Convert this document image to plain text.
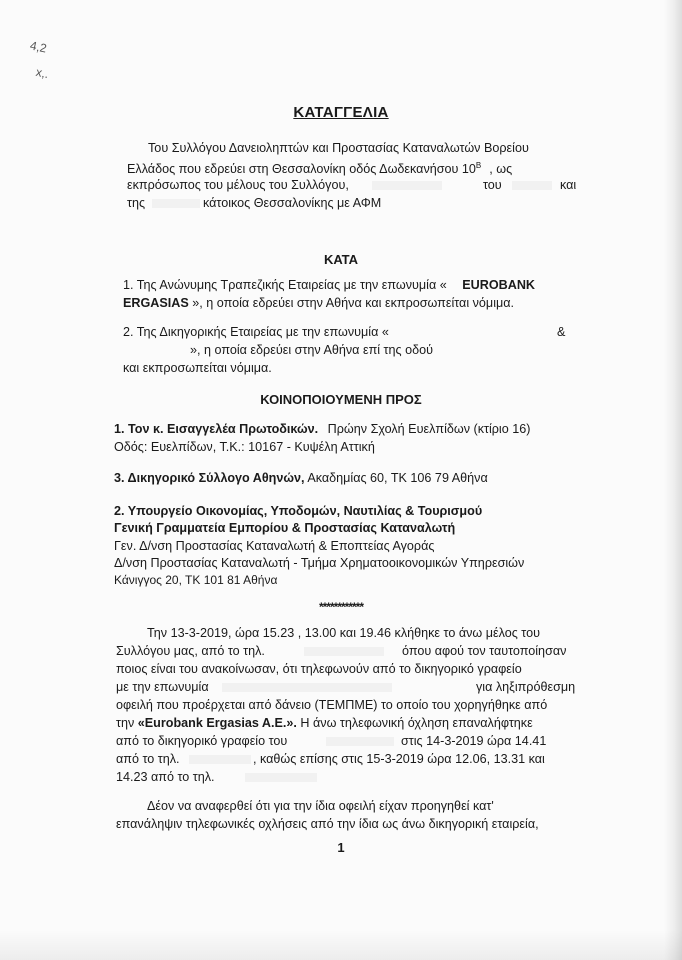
4,2
x,.
ΚΑΤΑΓΓΕΛΙΑ
Του Συλλόγου Δανειοληπτών και Προστασίας Καταναλωτών Βορείου
Ελλάδος που εδρεύει στη Θεσσαλονίκη οδός Δωδεκανήσου $10^B$ , ως
εκπρόσωπος του μέλους του Συλλόγου,	του	και
της	κάτοικος Θεσσαλονίκης με ΑΦΜ
ΚΑΤΑ
1. Της Ανώνυμης Τραπεζικής Εταιρείας με την επωνυμία « EUROBANK
ERGASIAS », η οποία εδρεύει στην Αθήνα και εκπροσωπείται νόμιμα.
2. Της Δικηγορικής Εταιρείας με την επωνυμία «	&
», η οποία εδρεύει στην Αθήνα επί της οδού
και εκπροσωπείται νόμιμα.
ΚΟΙΝΟΠΟΙΟΥΜΕΝΗ ΠΡΟΣ
1. Τον κ. Εισαγγελέα Πρωτοδικών. Πρώην Σχολή Ευελπίδων (κτίριο 16)
Οδός: Ευελπίδων, Τ.Κ.: 10167 - Κυψέλη Αττική
3. Δικηγορικό Σύλλογο Αθηνών, Ακαδημίας 60, ΤΚ 106 79 Αθήνα
2. Υπουργείο Οικονομίας, Υποδομών, Ναυτιλίας & Τουρισμού
Γενική Γραμματεία Εμπορίου & Προστασίας Καταναλωτή
Γεν. Δ/νση Προστασίας Καταναλωτή & Εποπτείας Αγοράς
Δ/νση Προστασίας Καταναλωτή - Τμήμα Χρηματοοικονομικών Υπηρεσιών
Κάνιγγος 20, ΤΚ 101 81 Αθήνα
************
Την 13-3-2019, ώρα 15.23 , 13.00 και 19.46 κλήθηκε το άνω μέλος του
Συλλόγου μας, από το τηλ.	όπου αφού τον ταυτοποίησαν
ποιος είναι του ανακοίνωσαν, ότι τηλεφωνούν από το δικηγορικό γραφείο
με την επωνυμία	για ληξιπρόθεσμη
οφειλή που προέρχεται από δάνειο (ΤΕΜΠΜΕ) το οποίο του χορηγήθηκε από
την «Eurobank Ergasias A.E.». Η άνω τηλεφωνική όχληση επαναλήφτηκε
από το δικηγορικό γραφείο του	στις 14-3-2019 ώρα 14.41
από το τηλ.	, καθώς επίσης στις 15-3-2019 ώρα 12.06, 13.31 και
14.23 από το τηλ.
Δέον να αναφερθεί ότι για την ίδια οφειλή είχαν προηγηθεί κατ'
επανάληψιν τηλεφωνικές οχλήσεις από την ίδια ως άνω δικηγορική εταιρεία,
1
